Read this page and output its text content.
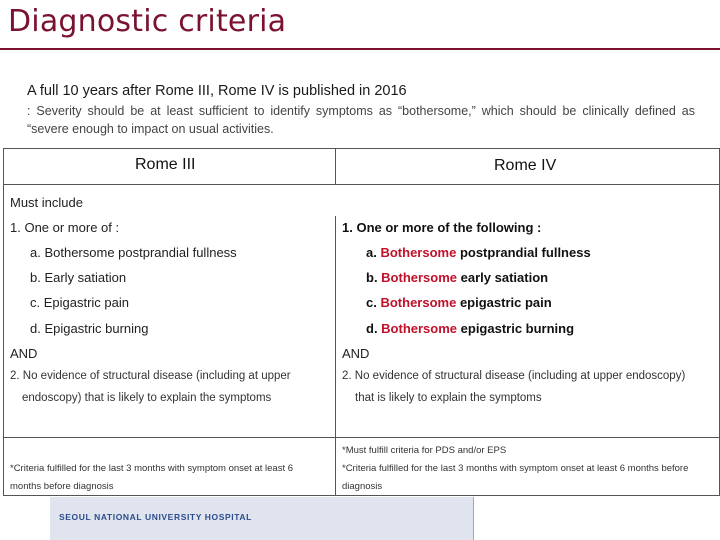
Diagnostic criteria
A full 10 years after Rome III, Rome IV is published in 2016
: Severity should be at least sufficient to identify symptoms as “bothersome,” which should be clinically defined as “severe enough to impact on usual activities.
Rome III	Rome IV
Must include
1. One or more of :
a. Bothersome postprandial fullness
b. Early satiation
c. Epigastric pain
d. Epigastric burning
AND
2. No evidence of structural disease (including at upper
endoscopy) that is likely to explain the symptoms
1. One or more of the following :
a. Bothersome postprandial fullness
b. Bothersome early satiation
c. Bothersome epigastric pain
d. Bothersome epigastric burning
AND
2. No evidence of structural disease (including at upper endoscopy)
that is likely to explain the symptoms
*Must fulfill criteria for PDS and/or EPS
*Criteria fulfilled for the last 3 months with symptom onset at least 6
months before diagnosis
*Criteria fulfilled for the last 3 months with symptom onset at least 6 months before
diagnosis
SEOUL NATIONAL UNIVERSITY HOSPITAL
